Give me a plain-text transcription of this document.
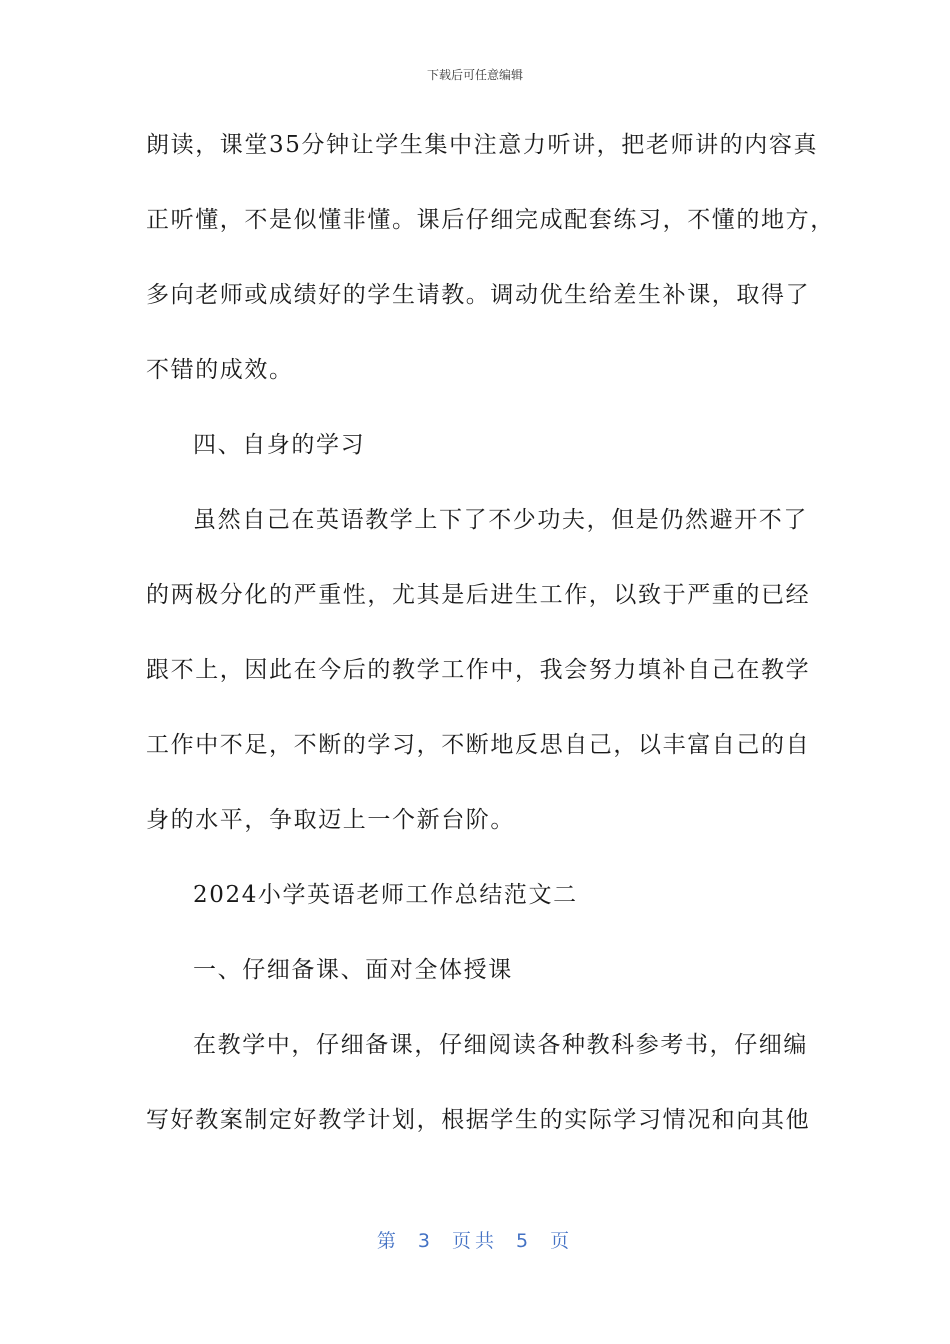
下载后可任意编辑
朗读，课堂35分钟让学生集中注意力听讲，把老师讲的内容真
正听懂，不是似懂非懂。课后仔细完成配套练习，不懂的地方，
多向老师或成绩好的学生请教。调动优生给差生补课，取得了
不错的成效。
四、自身的学习
虽然自己在英语教学上下了不少功夫，但是仍然避开不了
的两极分化的严重性，尤其是后进生工作，以致于严重的已经
跟不上，因此在今后的教学工作中，我会努力填补自己在教学
工作中不足，不断的学习，不断地反思自己，以丰富自己的自
身的水平，争取迈上一个新台阶。
2024小学英语老师工作总结范文二
一、仔细备课、面对全体授课
在教学中，仔细备课，仔细阅读各种教科参考书，仔细编
写好教案制定好教学计划，根据学生的实际学习情况和向其他
第 3 页共 5 页
